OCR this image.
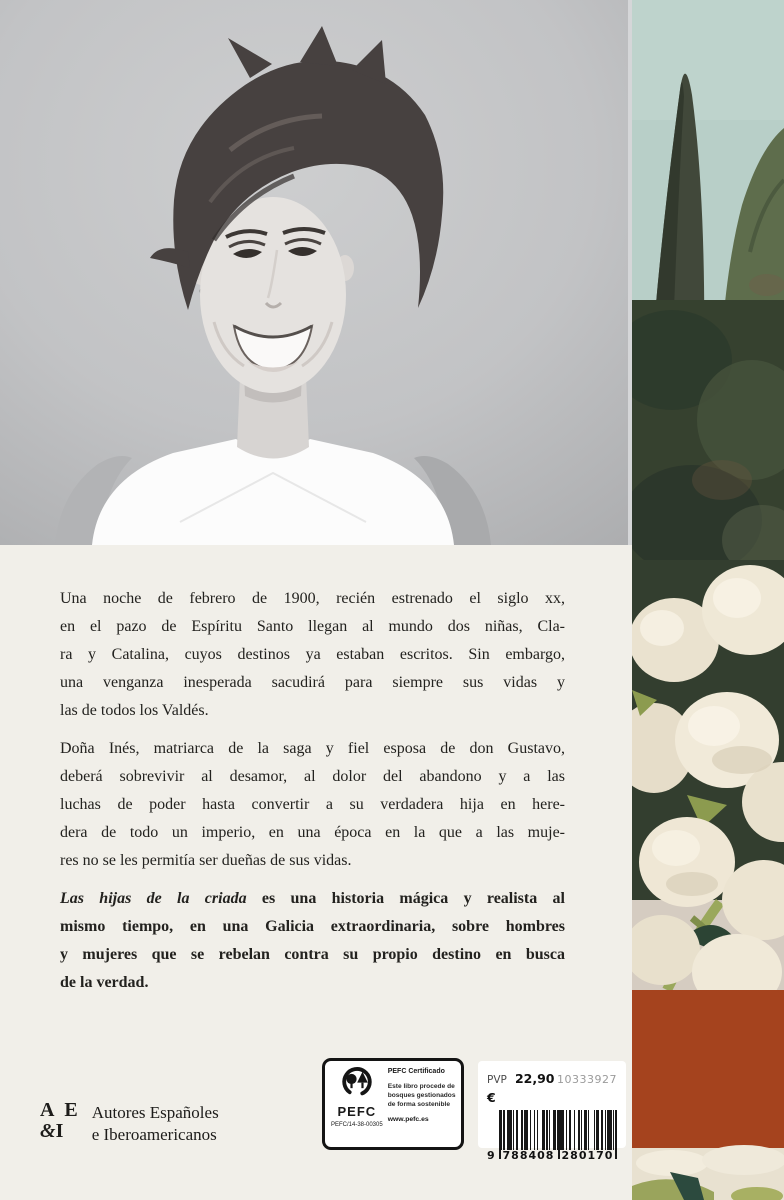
Una noche de febrero de 1900, recién estrenado el siglo xx,
en el pazo de Espíritu Santo llegan al mundo dos niñas, Cla-
ra y Catalina, cuyos destinos ya estaban escritos. Sin embargo,
una venganza inesperada sacudirá para siempre sus vidas y
las de todos los Valdés.
Doña Inés, matriarca de la saga y fiel esposa de don Gustavo,
deberá sobrevivir al desamor, al dolor del abandono y a las
luchas de poder hasta convertir a su verdadera hija en here-
dera de todo un imperio, en una época en la que a las muje-
res no se les permitía ser dueñas de sus vidas.
Las hijas de la criada es una historia mágica y realista al
mismo tiempo, en una Galicia extraordinaria, sobre hombres
y mujeres que se rebelan contra su propio destino en busca
de la verdad.
A E
&I
Autores Españoles
e Iberoamericanos
PEFC
PEFC/14-38-00305
PEFC Certificado
Este libro procede de bosques gestionados de forma sostenible
www.pefc.es
PVP 22,90 €
10333927
9 788408 280170
